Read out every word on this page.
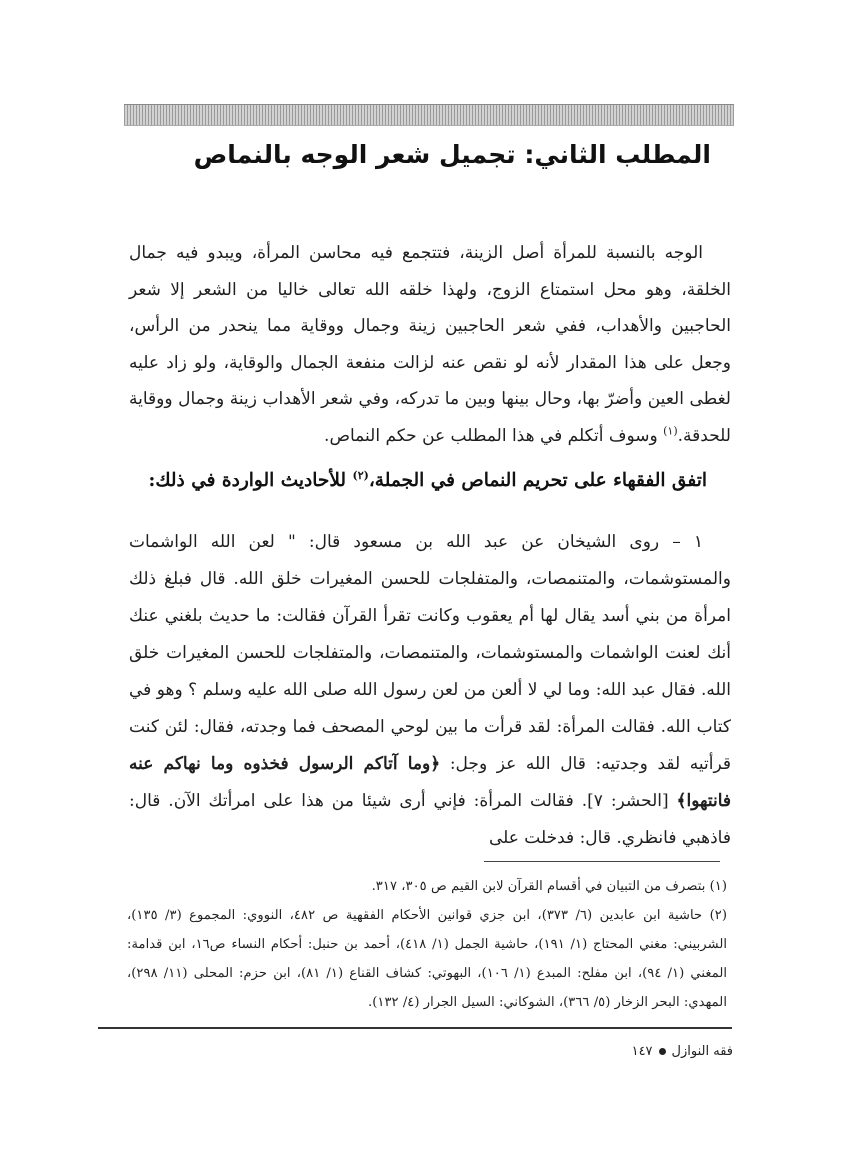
المطلب الثاني: تجميل شعر الوجه بالنماص
الوجه بالنسبة للمرأة أصل الزينة، فتتجمع فيه محاسن المرأة، ويبدو فيه جمال الخلقة، وهو محل استمتاع الزوج، ولهذا خلقه الله تعالى خاليا من الشعر إلا شعر الحاجبين والأهداب، ففي شعر الحاجبين زينة وجمال ووقاية مما ينحدر من الرأس، وجعل على هذا المقدار لأنه لو نقص عنه لزالت منفعة الجمال والوقاية، ولو زاد عليه لغطى العين وأضرّ بها، وحال بينها وبين ما تدركه، وفي شعر الأهداب زينة وجمال ووقاية للحدقة.$^{(١)}$ وسوف أتكلم في هذا المطلب عن حكم النماص.
اتفق الفقهاء على تحريم النماص في الجملة،$^{(٢)}$ للأحاديث الواردة في ذلك:
١ – روى الشيخان عن عبد الله بن مسعود قال: " لعن الله الواشمات والمستوشمات، والمتنمصات، والمتفلجات للحسن المغيرات خلق الله. قال فبلغ ذلك امرأة من بني أسد يقال لها أم يعقوب وكانت تقرأ القرآن فقالت: ما حديث بلغني عنك أنك لعنت الواشمات والمستوشمات، والمتنمصات، والمتفلجات للحسن المغيرات خلق الله. فقال عبد الله: وما لي لا ألعن من لعن رسول الله صلى الله عليه وسلم ؟ وهو في كتاب الله. فقالت المرأة: لقد قرأت ما بين لوحي المصحف فما وجدته، فقال: لئن كنت قرأتيه لقد وجدتيه: قال الله عز وجل: ﴿وما آتاكم الرسول فخذوه وما نهاكم عنه فانتهوا﴾ [الحشر: ٧]. فقالت المرأة: فإني أرى شيئا من هذا على امرأتك الآن. قال: فاذهبي فانظري. قال: فدخلت على

(١) بتصرف من التبيان في أقسام القرآن لابن القيم ص ٣٠٥، ٣١٧.

(٢) حاشية ابن عابدين (٦/ ٣٧٣)، ابن جزي قوانين الأحكام الفقهية ص ٤٨٢، النووي: المجموع (٣/ ١٣٥)، الشربيني: مغني المحتاج (١/ ١٩١)، حاشية الجمل (١/ ٤١٨)، أحمد بن حنبل: أحكام النساء ص١٦، ابن قدامة: المغني (١/ ٩٤)، ابن مفلح: المبدع (١/ ١٠٦)، البهوتي: كشاف القناع (١/ ٨١)، ابن حزم: المحلى (١١/ ٢٩٨)، المهدي: البحر الزخار (٥/ ٣٦٦)، الشوكاني: السيل الجرار (٤/ ١٣٢).

فقه النوازل١٤٧
